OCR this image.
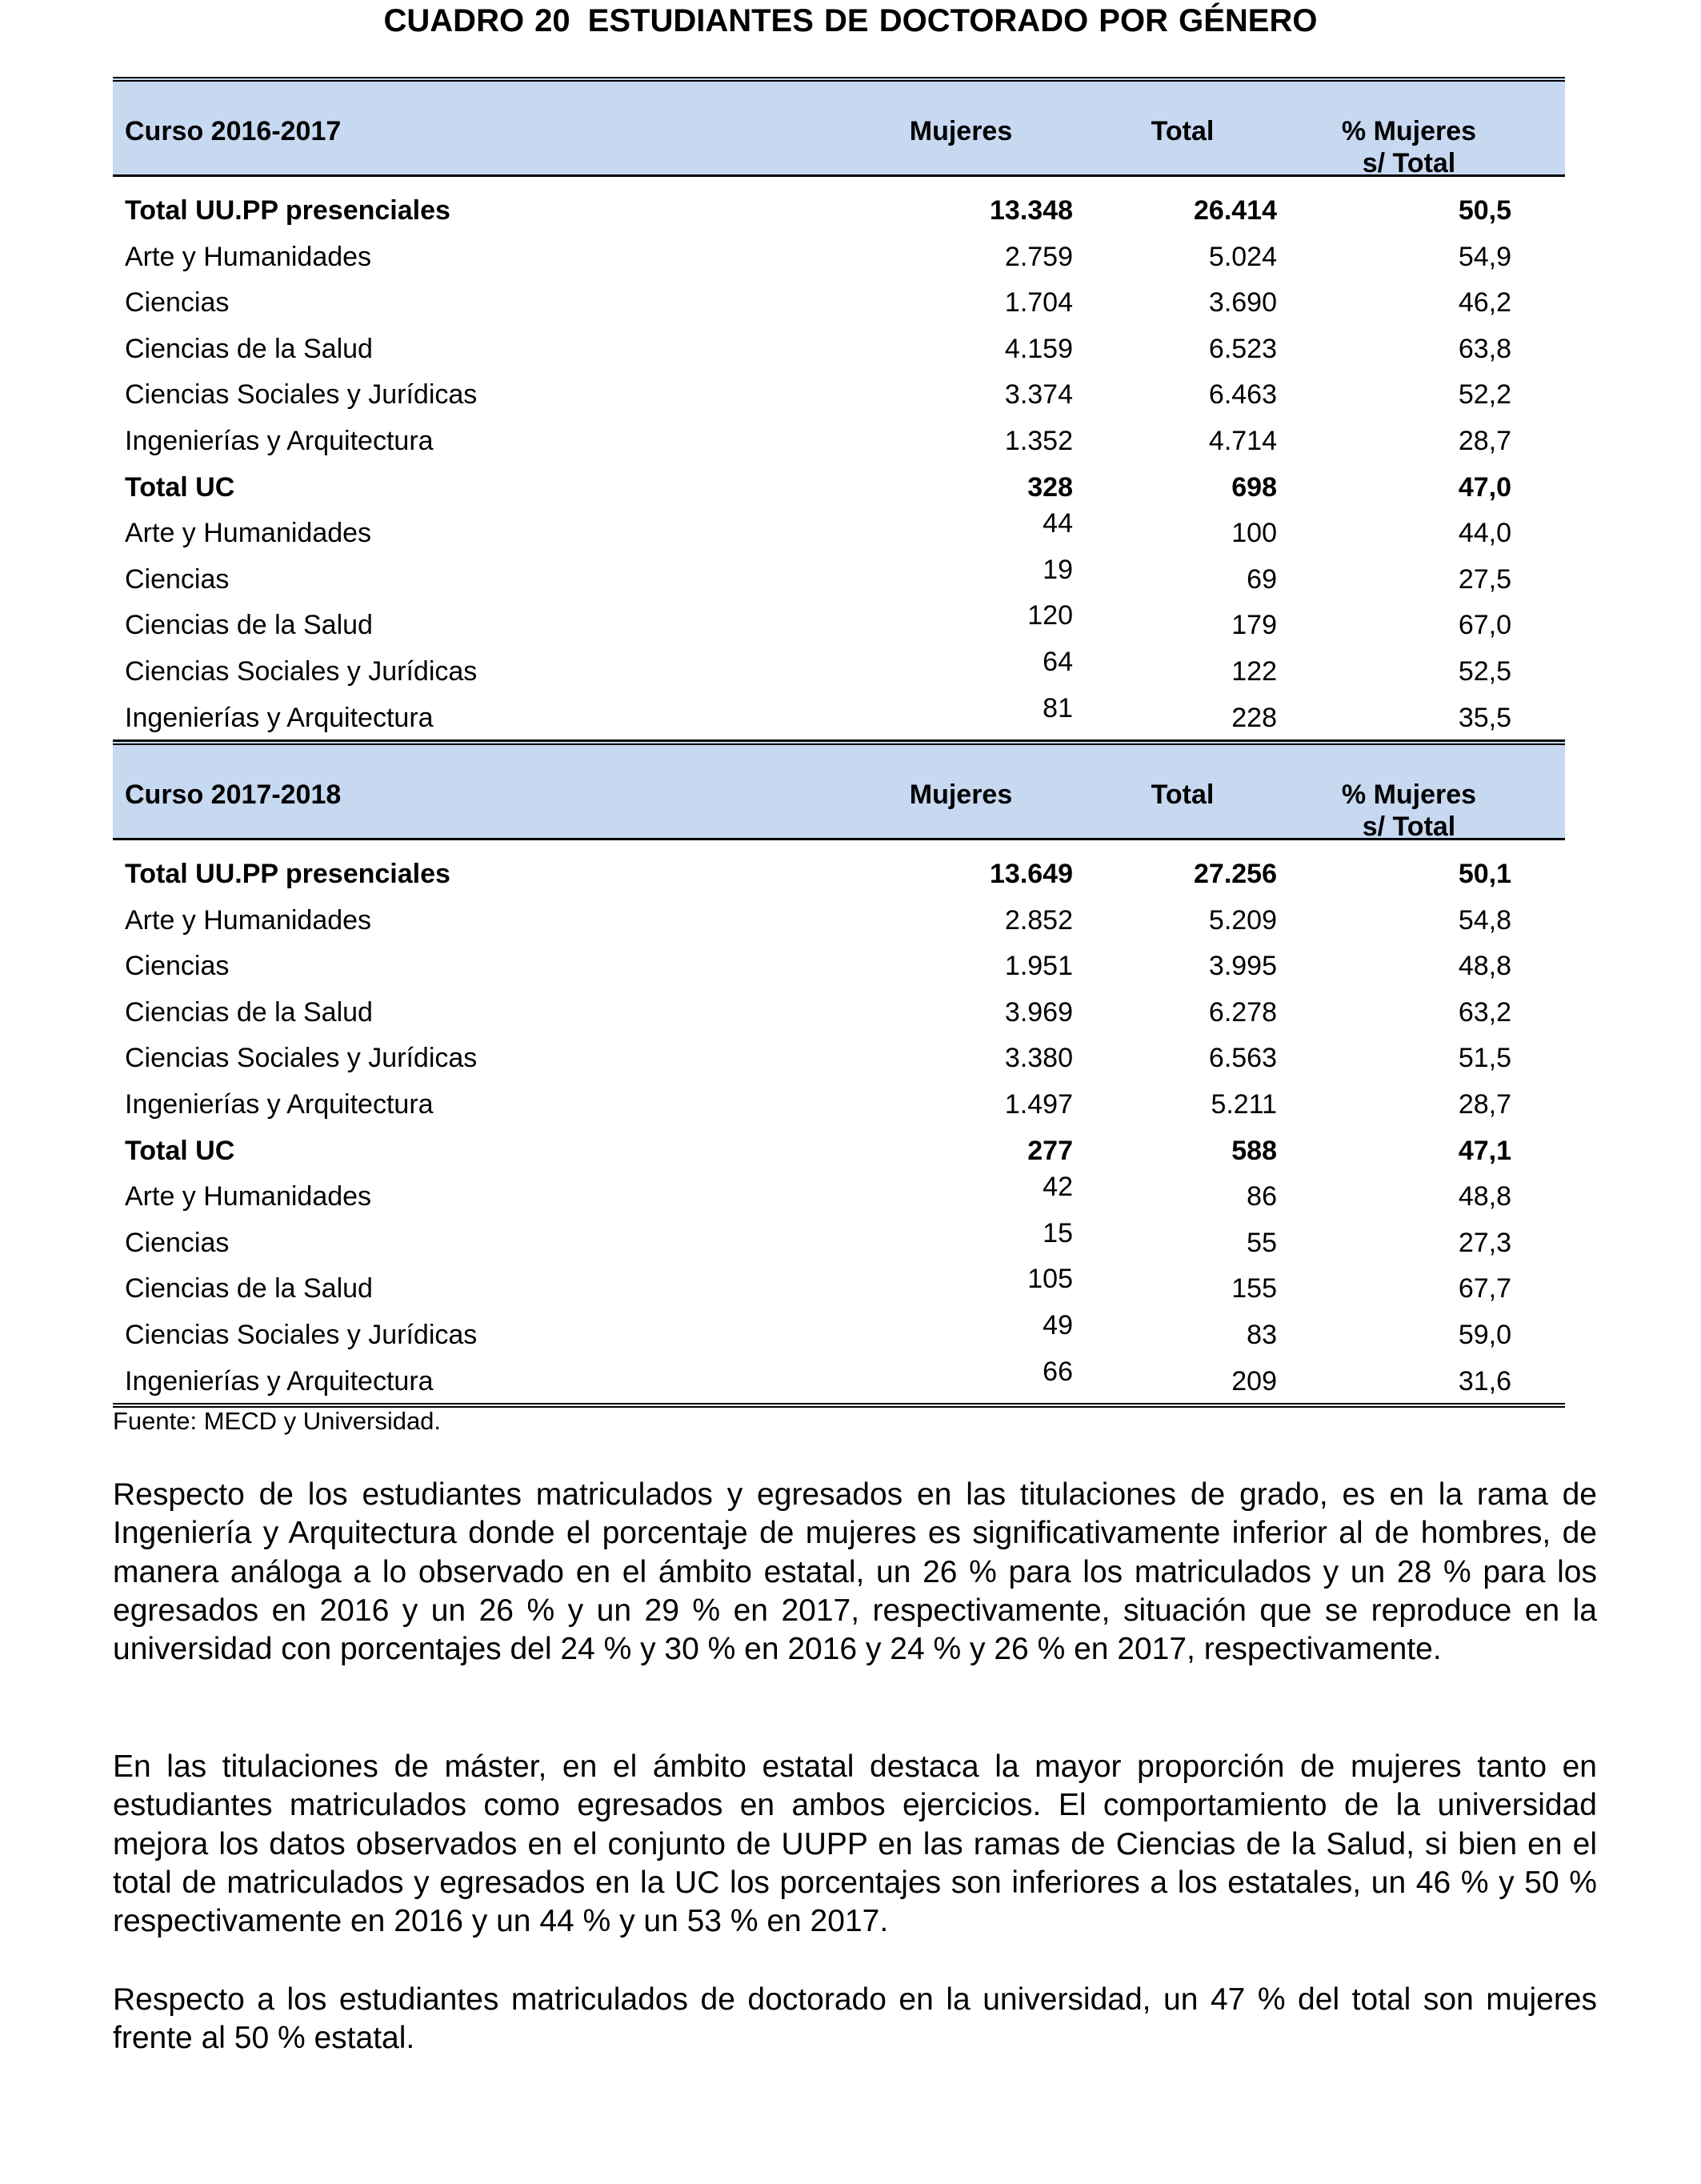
CUADRO 20 ESTUDIANTES DE DOCTORADO POR GÉNERO
Curso 2016-2017	Mujeres	Total	% Mujeres
s/ Total
Total UU.PP presenciales	13.348	26.414	50,5
Arte y Humanidades	2.759	5.024	54,9
Ciencias	1.704	3.690	46,2
Ciencias de la Salud	4.159	6.523	63,8
Ciencias Sociales y Jurídicas	3.374	6.463	52,2
Ingenierías y Arquitectura	1.352	4.714	28,7
Total UC	328	698	47,0
Arte y Humanidades	44	100	44,0
Ciencias	19	69	27,5
Ciencias de la Salud	120	179	67,0
Ciencias Sociales y Jurídicas	64	122	52,5
Ingenierías y Arquitectura	81	228	35,5
Curso 2017-2018	Mujeres	Total	% Mujeres
s/ Total
Total UU.PP presenciales	13.649	27.256	50,1
Arte y Humanidades	2.852	5.209	54,8
Ciencias	1.951	3.995	48,8
Ciencias de la Salud	3.969	6.278	63,2
Ciencias Sociales y Jurídicas	3.380	6.563	51,5
Ingenierías y Arquitectura	1.497	5.211	28,7
Total UC	277	588	47,1
Arte y Humanidades	42	86	48,8
Ciencias	15	55	27,3
Ciencias de la Salud	105	155	67,7
Ciencias Sociales y Jurídicas	49	83	59,0
Ingenierías y Arquitectura	66	209	31,6
Fuente: MECD y Universidad.

Respecto de los estudiantes matriculados y egresados en las titulaciones de grado, es en la rama de Ingeniería y Arquitectura donde el porcentaje de mujeres es significativamente inferior al de hombres, de manera análoga a lo observado en el ámbito estatal, un 26 % para los matriculados y un 28 % para los egresados en 2016 y un 26 % y un 29 % en 2017, respectivamente, situación que se reproduce en la universidad con porcentajes del 24 % y 30 % en 2016 y 24 % y 26 % en 2017, respectivamente.

En las titulaciones de máster, en el ámbito estatal destaca la mayor proporción de mujeres tanto en estudiantes matriculados como egresados en ambos ejercicios. El comportamiento de la universidad mejora los datos observados en el conjunto de UUPP en las ramas de Ciencias de la Salud, si bien en el total de matriculados y egresados en la UC los porcentajes son inferiores a los estatales, un 46 % y 50 % respectivamente en 2016 y un 44 % y un 53 % en 2017.

Respecto a los estudiantes matriculados de doctorado en la universidad, un 47 % del total son mujeres frente al 50 % estatal.
